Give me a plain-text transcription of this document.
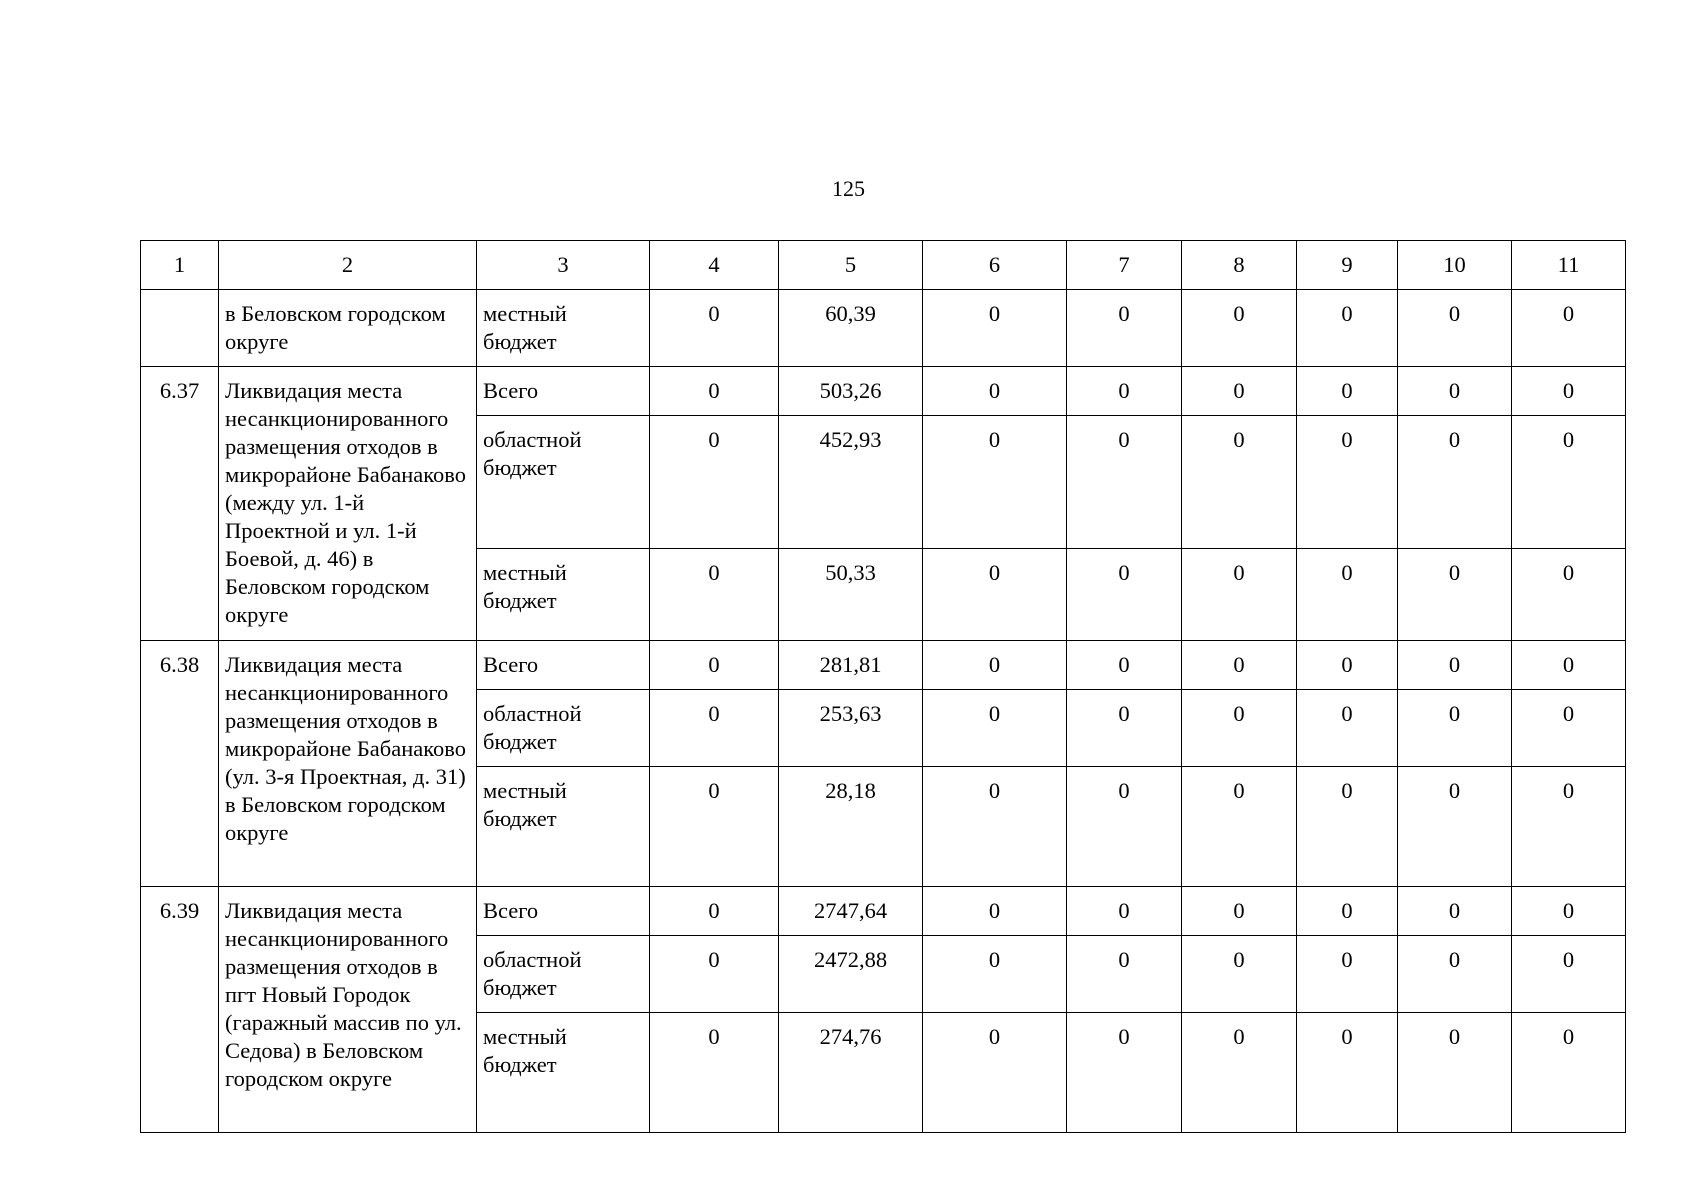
125
1	2	3	4	5	6	7	8	9	10	11
	в Беловском городском округе	местный бюджет	0	60,39	0	0	0	0	0	0
6.37	Ликвидация места несанкционированного размещения отходов в микрорайоне Бабанаково (между ул. 1-й Проектной и ул. 1-й Боевой, д. 46) в Беловском городском округе	Всего	0	503,26	0	0	0	0	0	0
		областной бюджет	0	452,93	0	0	0	0	0	0
		местный бюджет	0	50,33	0	0	0	0	0	0
6.38	Ликвидация места несанкционированного размещения отходов в микрорайоне Бабанаково (ул. 3-я Проектная, д. 31) в Беловском городском округе	Всего	0	281,81	0	0	0	0	0	0
		областной бюджет	0	253,63	0	0	0	0	0	0
		местный бюджет	0	28,18	0	0	0	0	0	0
6.39	Ликвидация места несанкционированного размещения отходов в пгт Новый Городок (гаражный массив по ул. Седова) в Беловском городском округе	Всего	0	2747,64	0	0	0	0	0	0
		областной бюджет	0	2472,88	0	0	0	0	0	0
		местный бюджет	0	274,76	0	0	0	0	0	0
